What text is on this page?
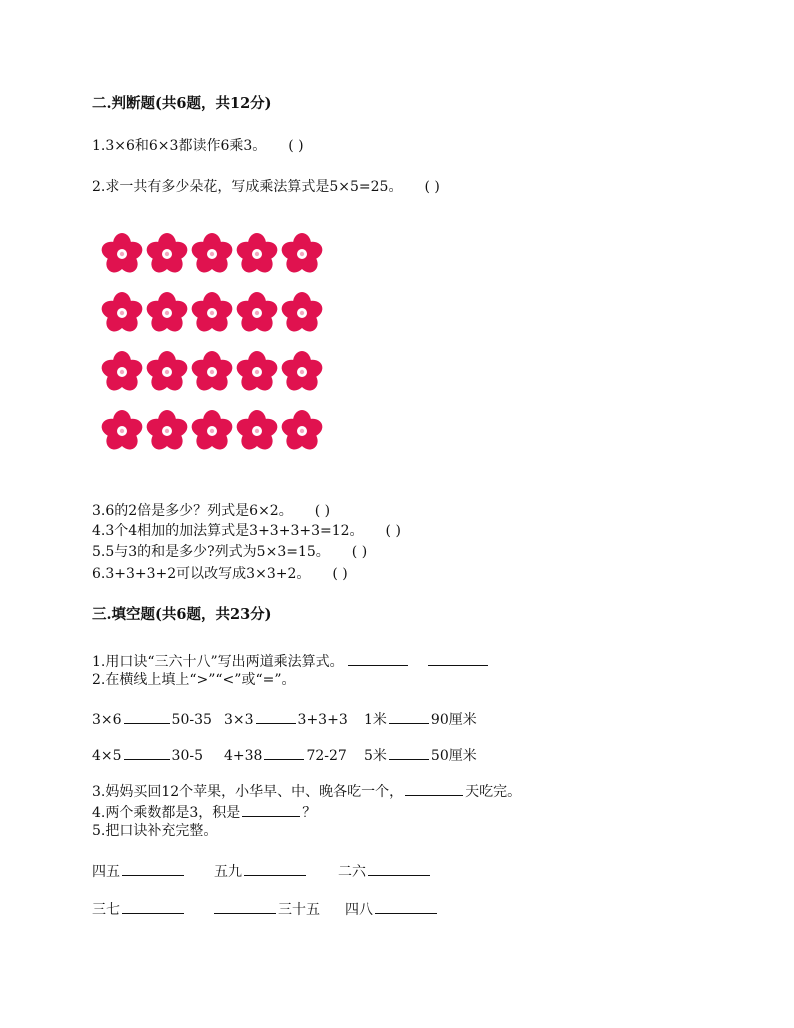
二.判断题(共6题，共12分)
1.3×6和6×3都读作6乘3。 ( )
2.求一共有多少朵花，写成乘法算式是5×5=25。 ( )
3.6的2倍是多少？列式是6×2。 ( )
4.3个4相加的加法算式是3+3+3+3=12。 ( )
5.5与3的和是多少?列式为5×3=15。 ( )
6.3+3+3+2可以改写成3×3+2。 ( )
三.填空题(共6题，共23分)
1.用口诀“三六十八”写出两道乘法算式。
2.在横线上填上“>”“<”或“=”。
3×6	50-35 3×3	3+3+3 1米	90厘米
4×5	30-5 4+38	72-27 5米	50厘米
3.妈妈买回12个苹果，小华早、中、晚各吃一个，	天吃完。
4.两个乘数都是3，积是	？
5.把口诀补充完整。
四五	五九	二六
三七	三十五 四八
